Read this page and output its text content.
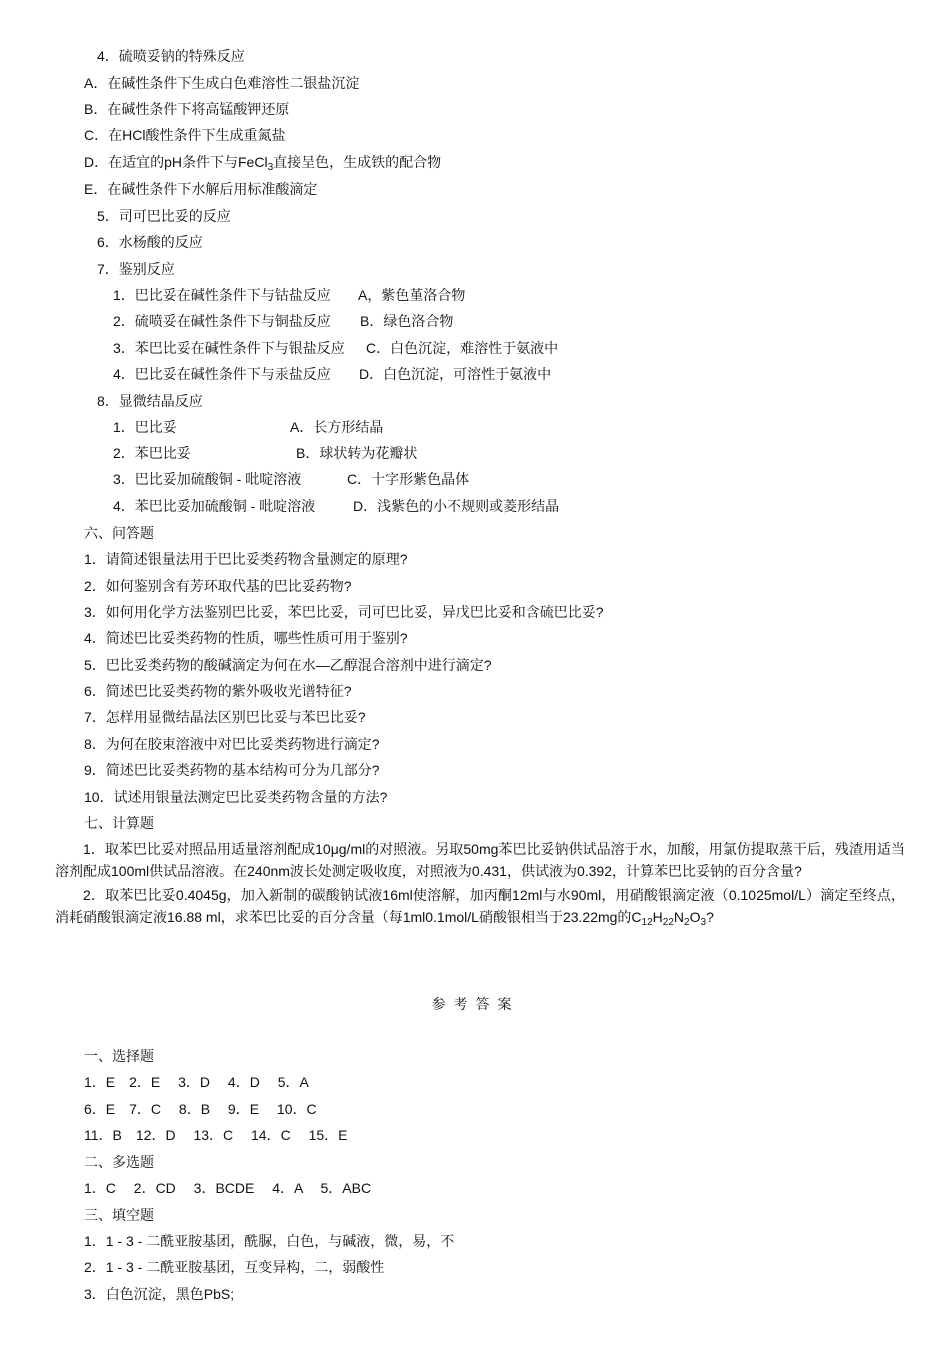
4．硫喷妥钠的特殊反应
A．在碱性条件下生成白色难溶性二银盐沉淀
B．在碱性条件下将高锰酸钾还原
C．在HCl酸性条件下生成重氮盐
D．在适宜的pH条件下与FeCl$_3$直接呈色，生成铁的配合物
E．在碱性条件下水解后用标准酸滴定
5．司可巴比妥的反应
6．水杨酸的反应
7．鉴别反应
1．巴比妥在碱性条件下与钴盐反应 A，紫色堇洛合物
2．硫喷妥在碱性条件下与铜盐反应 B．绿色洛合物
3．苯巴比妥在碱性条件下与银盐反应 C．白色沉淀，难溶性于氨液中
4．巴比妥在碱性条件下与汞盐反应 D．白色沉淀，可溶性于氨液中
8．显微结晶反应
1．巴比妥	A．长方形结晶
2．苯巴比妥	B．球状转为花瓣状
3．巴比妥加硫酸铜 - 吡啶溶液	C．十字形紫色晶体
4．苯巴比妥加硫酸铜 - 吡啶溶液	D．浅紫色的小不规则或菱形结晶
六、问答题
1．请简述银量法用于巴比妥类药物含量测定的原理?
2．如何鉴别含有芳环取代基的巴比妥药物?
3．如何用化学方法鉴别巴比妥，苯巴比妥，司可巴比妥，异戊巴比妥和含硫巴比妥?
4．简述巴比妥类药物的性质，哪些性质可用于鉴别?
5．巴比妥类药物的酸碱滴定为何在水—乙醇混合溶剂中进行滴定?
6．简述巴比妥类药物的紫外吸收光谱特征?
7．怎样用显微结晶法区别巴比妥与苯巴比妥?
8．为何在胶束溶液中对巴比妥类药物进行滴定?
9．简述巴比妥类药物的基本结构可分为几部分?
10．试述用银量法测定巴比妥类药物含量的方法?
七、计算题
1．取苯巴比妥对照品用适量溶剂配成10μg/ml的对照液。另取50mg苯巴比妥钠供试品溶于水，加酸，用氯仿提取蒸干后，残渣用适当溶剂配成100ml供试品溶液。在240nm波长处测定吸收度，对照液为0.431，供试液为0.392，计算苯巴比妥钠的百分含量?
2．取苯巴比妥0.4045g，加入新制的碳酸钠试液16ml使溶解，加丙酮12ml与水90ml，用硝酸银滴定液（0.1025mol/L）滴定至终点，消耗硝酸银滴定液16.88 ml，求苯巴比妥的百分含量（每1ml0.1mol/L硝酸银相当于23.22mg的$C_{12}H_{22}N_2O_3$?
参考答案
一、选择题
1．E　2．E　 3．D　 4．D　 5．A
6．E　7．C　 8．B　 9．E　 10．C
11．B　12．D　 13．C　 14．C　 15．E
二、多选题
1．C　 2．CD　 3．BCDE　 4．A　 5．ABC
三、填空题
1．1 - 3 - 二酰亚胺基团，酰脲，白色，与碱液，微，易，不
2．1 - 3 - 二酰亚胺基团，互变异构，二，弱酸性
3．白色沉淀，黑色PbS;
